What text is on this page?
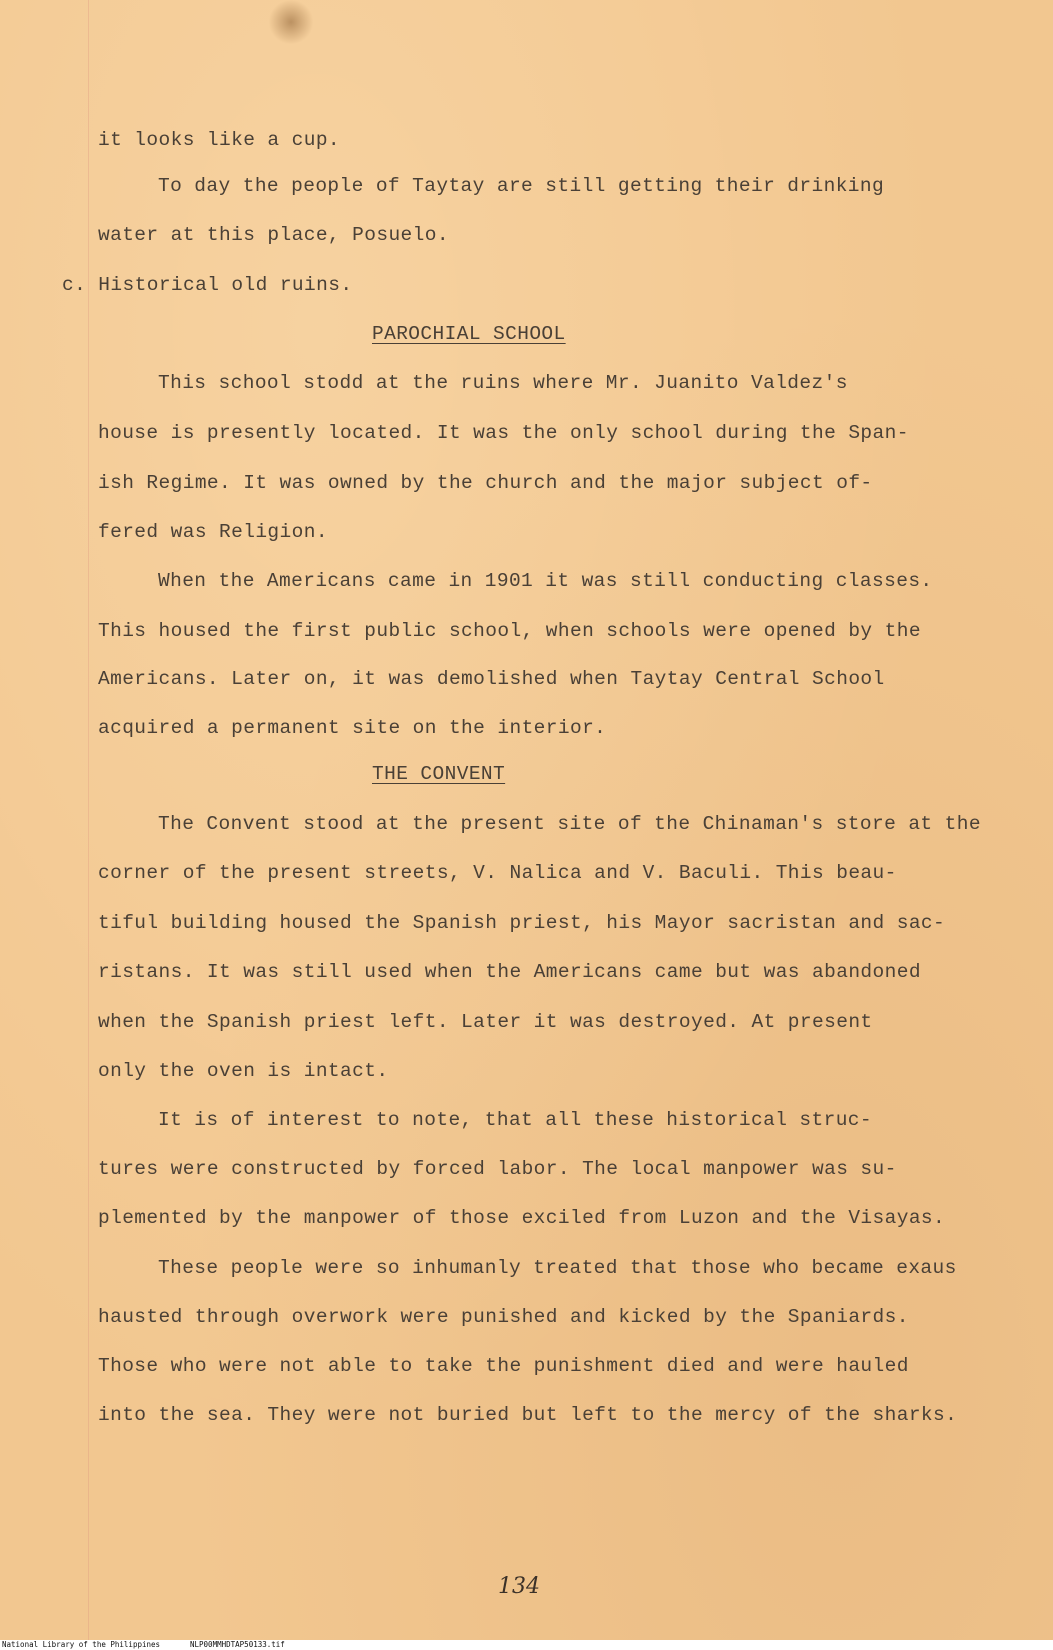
it looks like a cup.

To day the people of Taytay are still getting their drinking

water at this place, Posuelo.

c. Historical old ruins.

PAROCHIAL SCHOOL

This school stodd at the ruins where Mr. Juanito Valdez's

house is presently located. It was the only school during the Span-

ish Regime. It was owned by the church and the major subject of-

fered was Religion.

When the Americans came in 1901 it was still conducting classes.

This housed the first public school, when schools were opened by the

Americans. Later on, it was demolished when Taytay Central School

acquired a permanent site on the interior.

THE CONVENT

The Convent stood at the present site of the Chinaman's store at the

corner of the present streets, V. Nalica and V. Baculi. This beau-

tiful building housed the Spanish priest, his Mayor sacristan and sac-

ristans. It was still used when the Americans came but was abandoned

when the Spanish priest left. Later it was destroyed. At present

only the oven is intact.

It is of interest to note, that all these historical struc-

tures were constructed by forced labor. The local manpower was su-

plemented by the manpower of those exciled from Luzon and the Visayas.

These people were so inhumanly treated that those who became exaus

hausted through overwork were punished and kicked by the Spaniards.

Those who were not able to take the punishment died and were hauled

into the sea. They were not buried but left to the mercy of the sharks.

134

National Library of the Philippines	NLP00MMHDTAP50133.tif
